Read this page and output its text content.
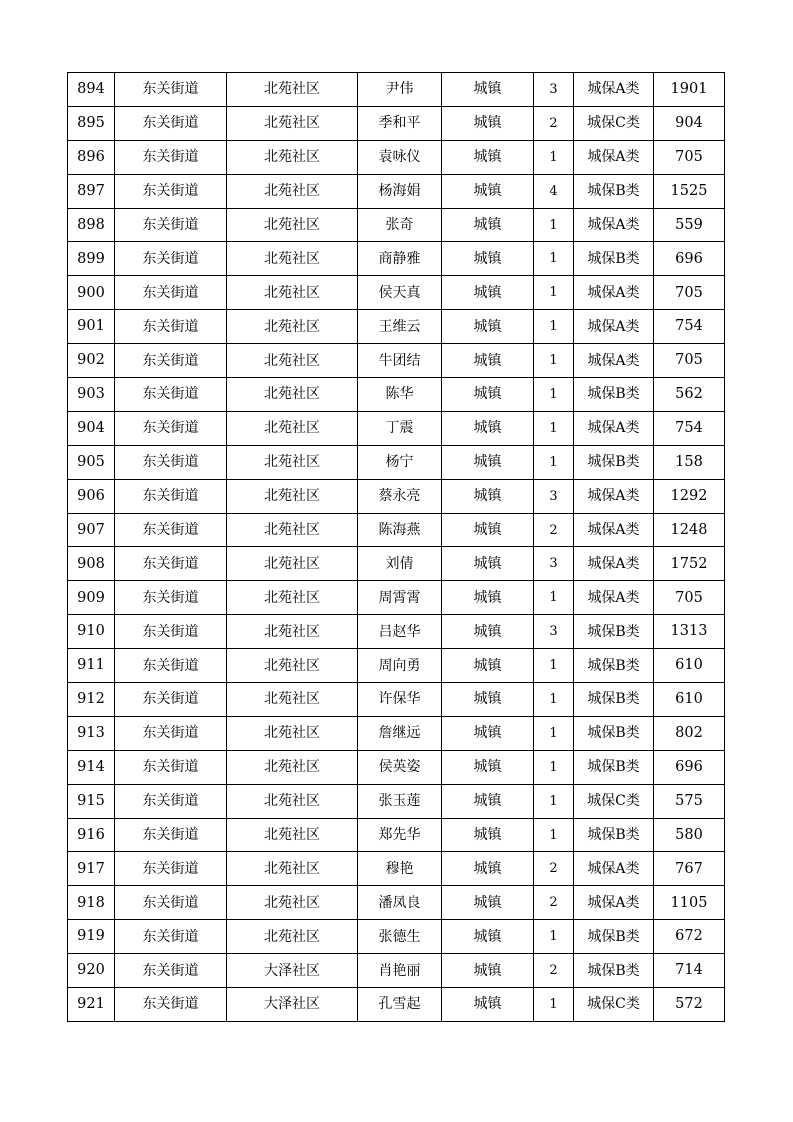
894	东关街道	北苑社区	尹伟	城镇	3	城保A类	1901
895	东关街道	北苑社区	季和平	城镇	2	城保C类	904
896	东关街道	北苑社区	袁咏仪	城镇	1	城保A类	705
897	东关街道	北苑社区	杨海娟	城镇	4	城保B类	1525
898	东关街道	北苑社区	张奇	城镇	1	城保A类	559
899	东关街道	北苑社区	商静雅	城镇	1	城保B类	696
900	东关街道	北苑社区	侯天真	城镇	1	城保A类	705
901	东关街道	北苑社区	王维云	城镇	1	城保A类	754
902	东关街道	北苑社区	牛团结	城镇	1	城保A类	705
903	东关街道	北苑社区	陈华	城镇	1	城保B类	562
904	东关街道	北苑社区	丁震	城镇	1	城保A类	754
905	东关街道	北苑社区	杨宁	城镇	1	城保B类	158
906	东关街道	北苑社区	蔡永亮	城镇	3	城保A类	1292
907	东关街道	北苑社区	陈海燕	城镇	2	城保A类	1248
908	东关街道	北苑社区	刘倩	城镇	3	城保A类	1752
909	东关街道	北苑社区	周霄霄	城镇	1	城保A类	705
910	东关街道	北苑社区	吕赵华	城镇	3	城保B类	1313
911	东关街道	北苑社区	周向勇	城镇	1	城保B类	610
912	东关街道	北苑社区	许保华	城镇	1	城保B类	610
913	东关街道	北苑社区	詹继远	城镇	1	城保B类	802
914	东关街道	北苑社区	侯英姿	城镇	1	城保B类	696
915	东关街道	北苑社区	张玉莲	城镇	1	城保C类	575
916	东关街道	北苑社区	郑先华	城镇	1	城保B类	580
917	东关街道	北苑社区	穆艳	城镇	2	城保A类	767
918	东关街道	北苑社区	潘凤良	城镇	2	城保A类	1105
919	东关街道	北苑社区	张德生	城镇	1	城保B类	672
920	东关街道	大泽社区	肖艳丽	城镇	2	城保B类	714
921	东关街道	大泽社区	孔雪起	城镇	1	城保C类	572
